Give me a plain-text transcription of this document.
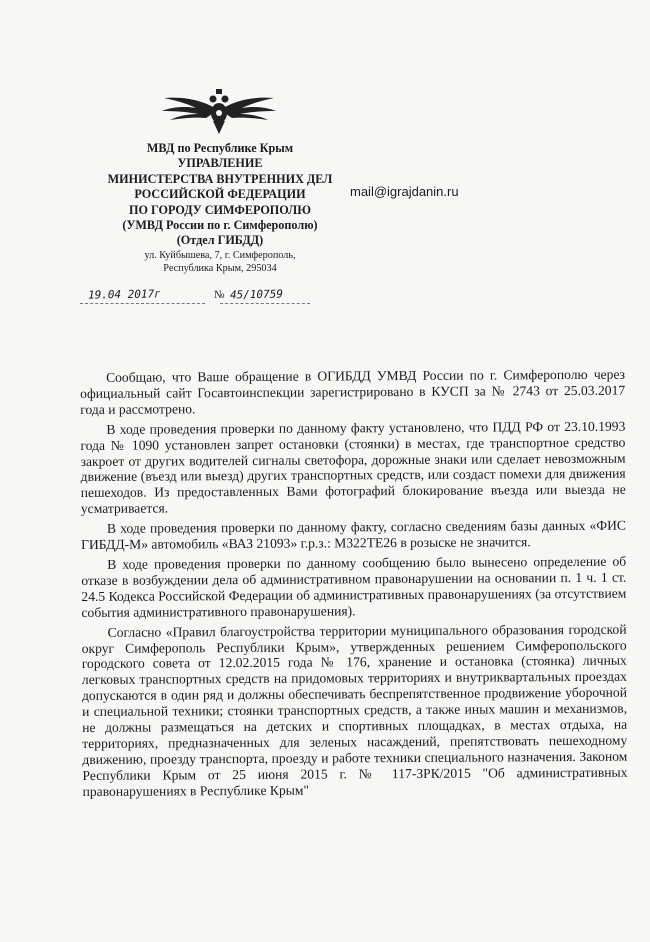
МВД по Республике Крым
УПРАВЛЕНИЕ
МИНИСТЕРСТВА ВНУТРЕННИХ ДЕЛ
РОССИЙСКОЙ ФЕДЕРАЦИИ
ПО ГОРОДУ СИМФЕРОПОЛЮ
(УМВД России по г. Симферополю)
(Отдел ГИБДД)
ул. Куйбышева, 7, г. Симферополь,
Республика Крым, 295034
mail@igrajdanin.ru
19.04 2017г	№ 45/10759

Сообщаю, что Ваше обращение в ОГИБДД УМВД России по г. Симферополю через официальный сайт Госавтоинспекции зарегистрировано в КУСП за № 2743 от 25.03.2017 года и рассмотрено.

В ходе проведения проверки по данному факту установлено, что ПДД РФ от 23.10.1993 года № 1090 установлен запрет остановки (стоянки) в местах, где транспортное средство закроет от других водителей сигналы светофора, дорожные знаки или сделает невозможным движение (въезд или выезд) других транспортных средств, или создаст помехи для движения пешеходов. Из предоставленных Вами фотографий блокирование въезда или выезда не усматривается.

В ходе проведения проверки по данному факту, согласно сведениям базы данных «ФИС ГИБДД-М» автомобиль «ВАЗ 21093» г.р.з.: М322ТЕ26 в розыске не значится.

В ходе проведения проверки по данному сообщению было вынесено определение об отказе в возбуждении дела об административном правонарушении на основании п. 1 ч. 1 ст. 24.5 Кодекса Российской Федерации об административных правонарушениях (за отсутствием события административного правонарушения).

Согласно «Правил благоустройства территории муниципального образования городской округ Симферополь Республики Крым», утвержденных решением Симферопольского городского совета от 12.02.2015 года № 176, хранение и остановка (стоянка) личных легковых транспортных средств на придомовых территориях и внутриквартальных проездах допускаются в один ряд и должны обеспечивать беспрепятственное продвижение уборочной и специальной техники; стоянки транспортных средств, а также иных машин и механизмов, не должны размещаться на детских и спортивных площадках, в местах отдыха, на территориях, предназначенных для зеленых насаждений, препятствовать пешеходному движению, проезду транспорта, проезду и работе техники специального назначения. Законом Республики Крым от 25 июня 2015 г. № 117-ЗРК/2015 "Об административных правонарушениях в Республике Крым"
